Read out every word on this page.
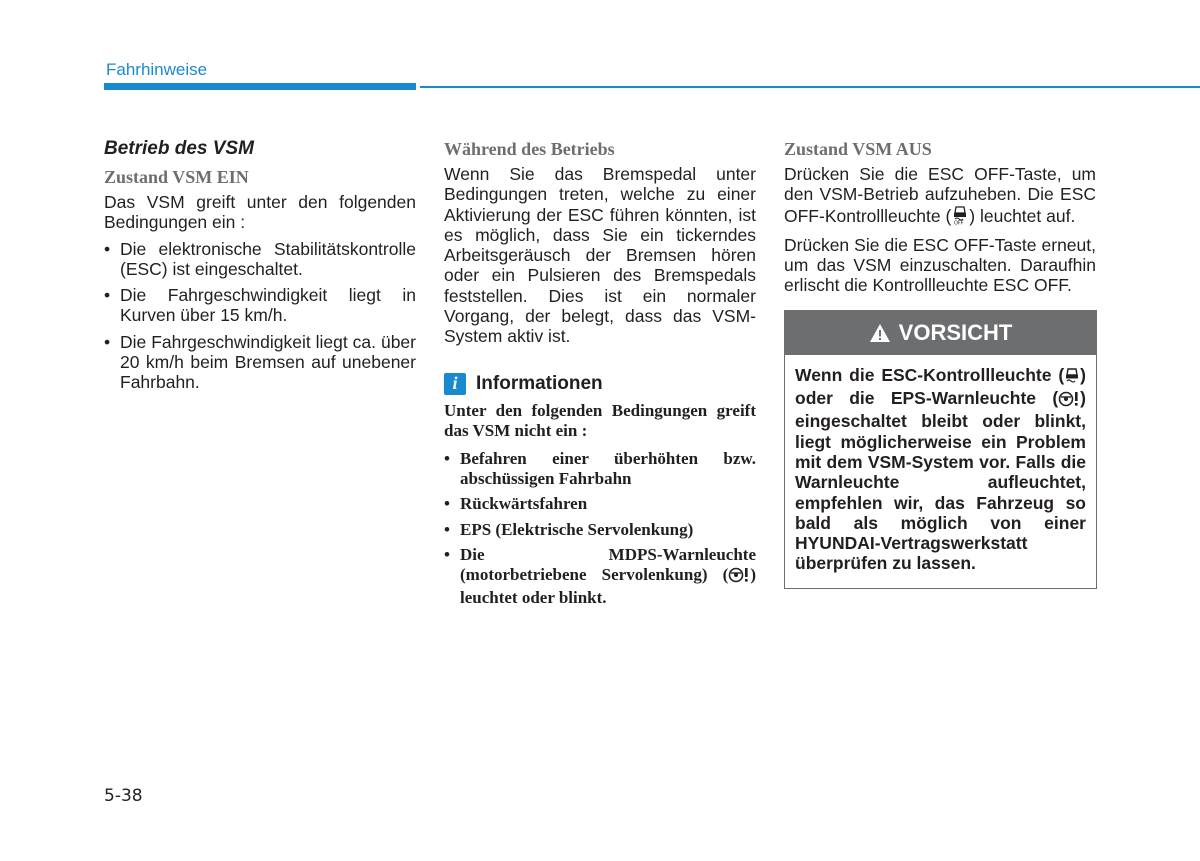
Fahrhinweise
Betrieb des VSM
Zustand VSM EIN

Das VSM greift unter den folgenden Bedingungen ein :

• Die elektronische Stabilitätskontrolle (ESC) ist eingeschaltet.
• Die Fahrgeschwindigkeit liegt in Kurven über 15 km/h.
• Die Fahrgeschwindigkeit liegt ca. über 20 km/h beim Bremsen auf unebener Fahrbahn.
Während des Betriebs

Wenn Sie das Bremspedal unter Bedingungen treten, welche zu einer Aktivierung der ESC führen könnten, ist es möglich, dass Sie ein tickerndes Arbeitsgeräusch der Bremsen hören oder ein Pulsieren des Bremspedals feststellen. Dies ist ein normaler Vorgang, der belegt, dass das VSM-System aktiv ist.

i Informationen

Unter den folgenden Bedingungen greift das VSM nicht ein :

• Befahren einer überhöhten bzw. abschüssigen Fahrbahn
• Rückwärtsfahren
• EPS (Elektrische Servolenkung)
• Die MDPS-Warnleuchte (motorbetriebene Servolenkung) ( ) leuchtet oder blinkt.
Zustand VSM AUS

Drücken Sie die ESC OFF-Taste, um den VSM-Betrieb aufzuheben. Die ESC OFF-Kontrollleuchte ( OFF ) leuchtet auf.

Drücken Sie die ESC OFF-Taste erneut, um das VSM einzuschalten. Daraufhin erlischt die Kontrollleuchte ESC OFF.

VORSICHT
Wenn die ESC-Kontrollleuchte ( ) oder die EPS-Warnleuchte ( ) eingeschaltet bleibt oder blinkt, liegt möglicherweise ein Problem mit dem VSM-System vor. Falls die Warnleuchte aufleuchtet, empfehlen wir, das Fahrzeug so bald als möglich von einer HYUNDAI-Vertragswerkstatt überprüfen zu lassen.
5-38
